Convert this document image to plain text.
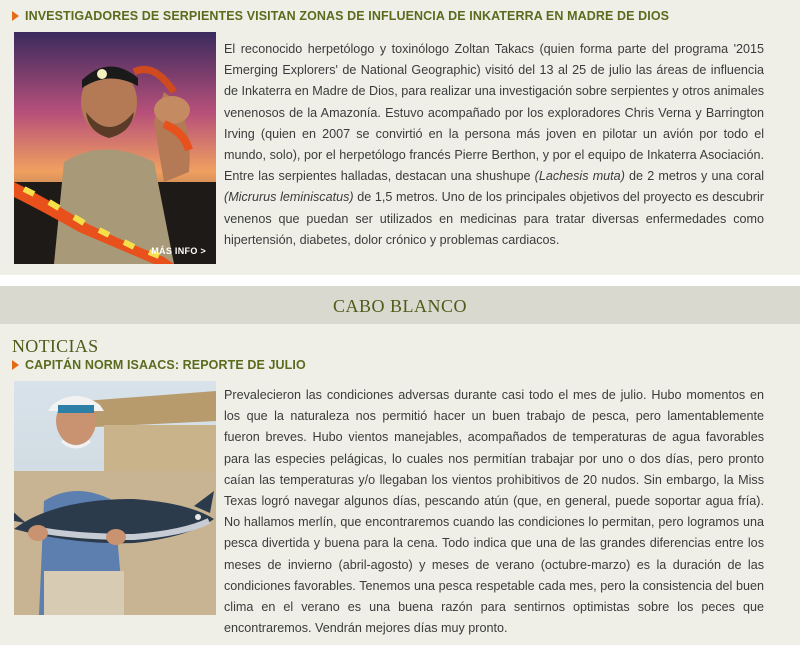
INVESTIGADORES DE SERPIENTES VISITAN ZONAS DE INFLUENCIA DE INKATERRA EN MADRE DE DIOS
MÁS INFO >
El reconocido herpetólogo y toxinólogo Zoltan Takacs (quien forma parte del programa '2015 Emerging Explorers' de National Geographic) visitó del 13 al 25 de julio las áreas de influencia de Inkaterra en Madre de Dios, para realizar una investigación sobre serpientes y otros animales venenosos de la Amazonía. Estuvo acompañado por los exploradores Chris Verna y Barrington Irving (quien en 2007 se convirtió en la persona más joven en pilotar un avión por todo el mundo, solo), por el herpetólogo francés Pierre Berthon, y por el equipo de Inkaterra Asociación. Entre las serpientes halladas, destacan una shushupe (Lachesis muta) de 2 metros y una coral (Micrurus leminiscatus) de 1,5 metros. Uno de los principales objetivos del proyecto es descubrir venenos que puedan ser utilizados en medicinas para tratar diversas enfermedades como hipertensión, diabetes, dolor crónico y problemas cardiacos.
CABO BLANCO
NOTICIAS
CAPITÁN NORM ISAACS: REPORTE DE JULIO
Prevalecieron las condiciones adversas durante casi todo el mes de julio. Hubo momentos en los que la naturaleza nos permitió hacer un buen trabajo de pesca, pero lamentablemente fueron breves. Hubo vientos manejables, acompañados de temperaturas de agua favorables para las especies pelágicas, lo cuales nos permitían trabajar por uno o dos días, pero pronto caían las temperaturas y/o llegaban los vientos prohibitivos de 20 nudos. Sin embargo, la Miss Texas logró navegar algunos días, pescando atún (que, en general, puede soportar agua fría). No hallamos merlín, que encontraremos cuando las condiciones lo permitan, pero logramos una pesca divertida y buena para la cena. Todo indica que una de las grandes diferencias entre los meses de invierno (abril-agosto) y meses de verano (octubre-marzo) es la duración de las condiciones favorables. Tenemos una pesca respetable cada mes, pero la consistencia del buen clima en el verano es una buena razón para sentirnos optimistas sobre los peces que encontraremos. Vendrán mejores días muy pronto.
